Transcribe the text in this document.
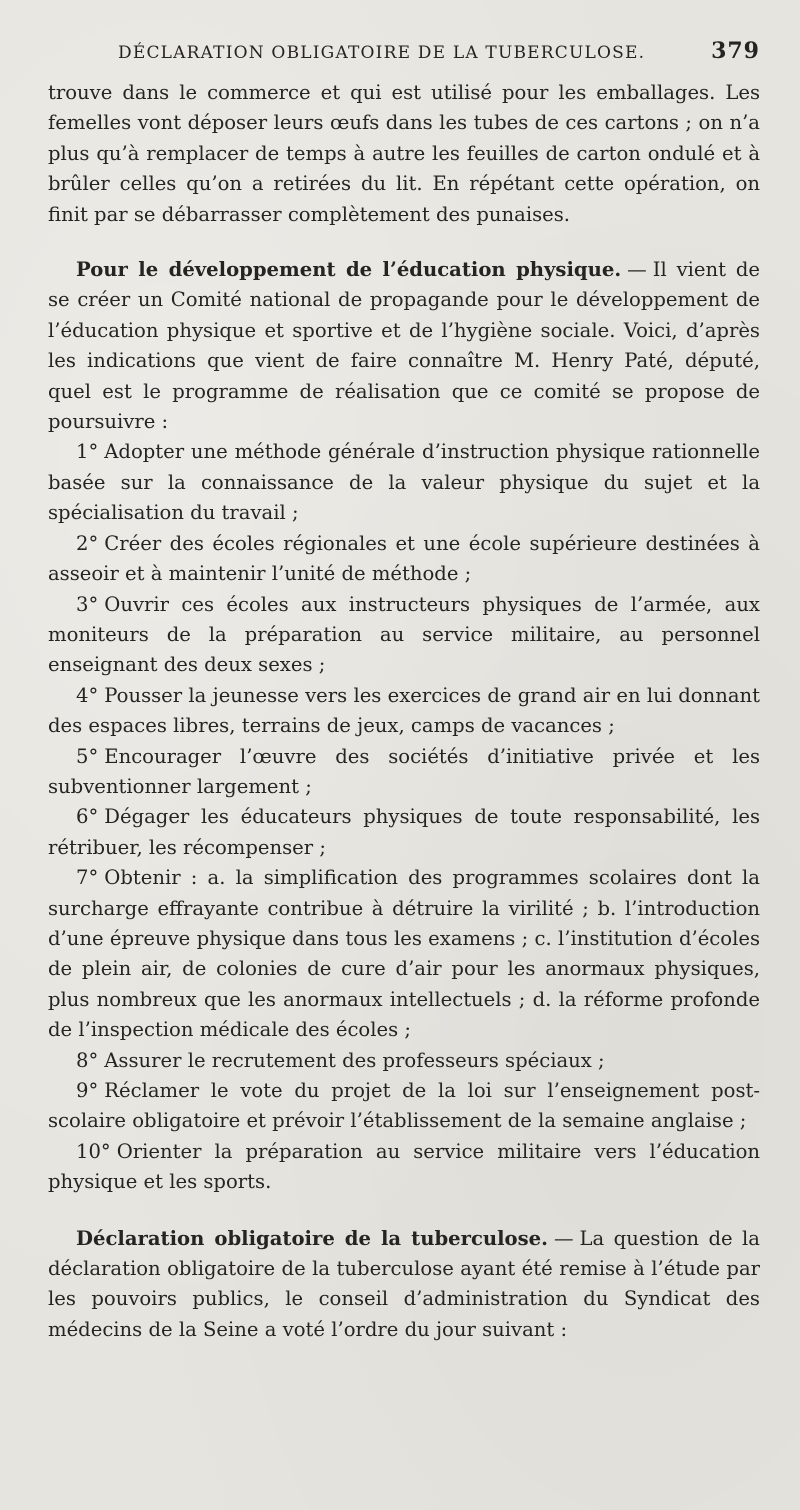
DÉCLARATION OBLIGATOIRE DE LA TUBERCULOSE.	379

trouve dans le commerce et qui est utilisé pour les emballages. Les femelles vont déposer leurs œufs dans les tubes de ces cartons ; on n’a plus qu’à remplacer de temps à autre les feuilles de carton ondulé et à brûler celles qu’on a retirées du lit. En répétant cette opération, on finit par se débarrasser complètement des punaises.

Pour le développement de l’éducation physique. — Il vient de se créer un Comité national de propagande pour le développement de l’éducation physique et sportive et de l’hygiène sociale. Voici, d’après les indications que vient de faire connaître M. Henry Paté, député, quel est le programme de réalisation que ce comité se propose de poursuivre :

1° Adopter une méthode générale d’instruction physique rationnelle basée sur la connaissance de la valeur physique du sujet et la spécialisation du travail ;

2° Créer des écoles régionales et une école supérieure destinées à asseoir et à maintenir l’unité de méthode ;

3° Ouvrir ces écoles aux instructeurs physiques de l’armée, aux moniteurs de la préparation au service militaire, au personnel enseignant des deux sexes ;

4° Pousser la jeunesse vers les exercices de grand air en lui donnant des espaces libres, terrains de jeux, camps de vacances ;

5° Encourager l’œuvre des sociétés d’initiative privée et les subventionner largement ;

6° Dégager les éducateurs physiques de toute responsabilité, les rétribuer, les récompenser ;

7° Obtenir : a. la simplification des programmes scolaires dont la surcharge effrayante contribue à détruire la virilité ; b. l’introduction d’une épreuve physique dans tous les examens ; c. l’institution d’écoles de plein air, de colonies de cure d’air pour les anormaux physiques, plus nombreux que les anormaux intellectuels ; d. la réforme profonde de l’inspection médicale des écoles ;

8° Assurer le recrutement des professeurs spéciaux ;

9° Réclamer le vote du projet de la loi sur l’enseignement post-scolaire obligatoire et prévoir l’établissement de la semaine anglaise ;

10° Orienter la préparation au service militaire vers l’éducation physique et les sports.

Déclaration obligatoire de la tuberculose. — La question de la déclaration obligatoire de la tuberculose ayant été remise à l’étude par les pouvoirs publics, le conseil d’administration du Syndicat des médecins de la Seine a voté l’ordre du jour suivant :
